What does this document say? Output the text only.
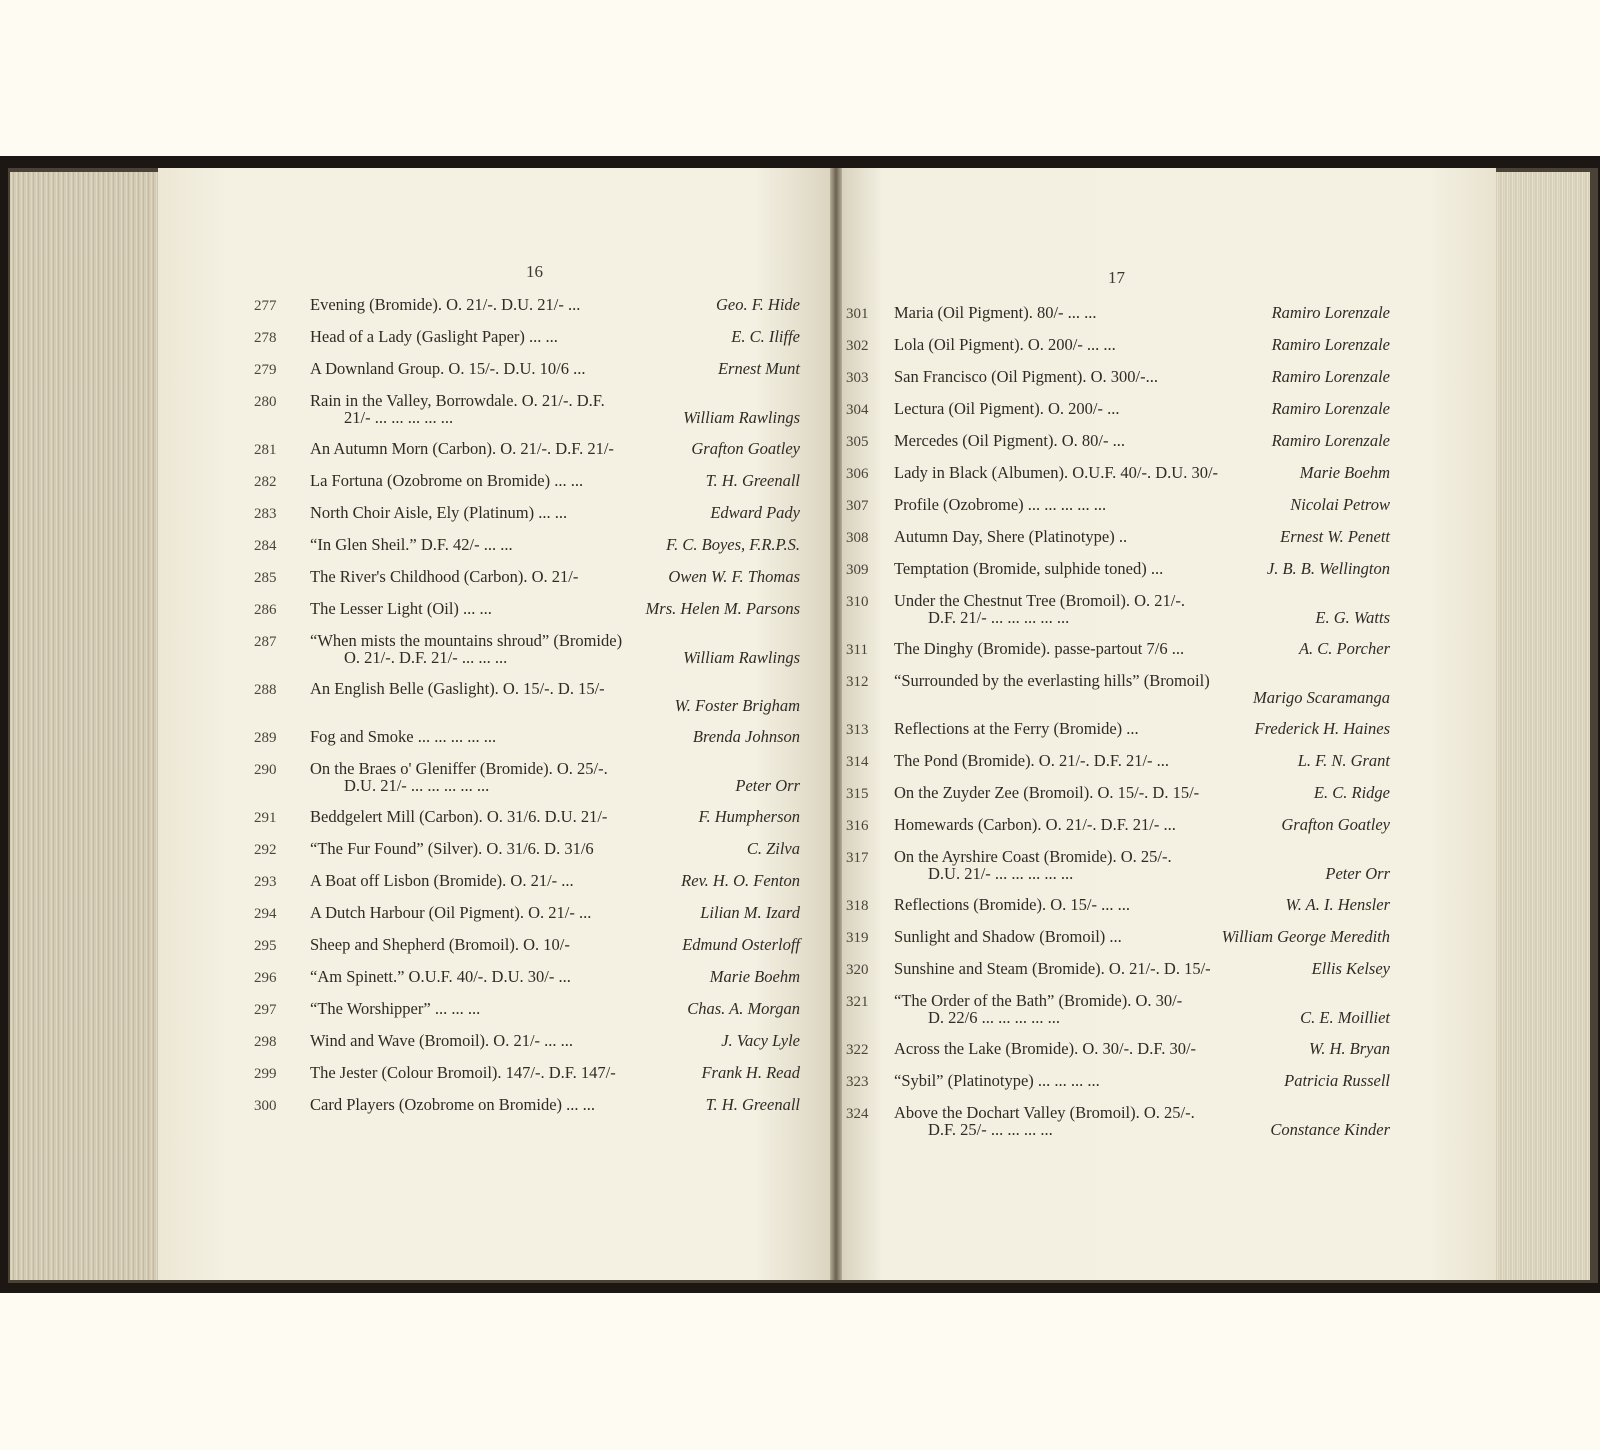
16
277 Evening (Bromide). O. 21/-. D.U. 21/- ...	Geo. F. Hide
278 Head of a Lady (Gaslight Paper) ... ...	E. C. Iliffe
279 A Downland Group. O. 15/-. D.U. 10/6 ...	Ernest Munt
280 Rain in the Valley, Borrowdale. O. 21/-. D.F.
21/- ... ... ... ... ...	William Rawlings
281 An Autumn Morn (Carbon). O. 21/-. D.F. 21/-	Grafton Goatley
282 La Fortuna (Ozobrome on Bromide) ... ...	T. H. Greenall
283 North Choir Aisle, Ely (Platinum) ... ...	Edward Pady
284 “In Glen Sheil.” D.F. 42/- ... ...	F. C. Boyes, F.R.P.S.
285 The River's Childhood (Carbon). O. 21/-	Owen W. F. Thomas
286 The Lesser Light (Oil) ... ...	Mrs. Helen M. Parsons
287 “When mists the mountains shroud” (Bromide)
O. 21/-. D.F. 21/- ... ... ...	William Rawlings
288 An English Belle (Gaslight). O. 15/-. D. 15/-
W. Foster Brigham
289 Fog and Smoke ... ... ... ... ...	Brenda Johnson
290 On the Braes o' Gleniffer (Bromide). O. 25/-.
D.U. 21/- ... ... ... ... ...	Peter Orr
291 Beddgelert Mill (Carbon). O. 31/6. D.U. 21/-	F. Humpherson
292 “The Fur Found” (Silver). O. 31/6. D. 31/6	C. Zilva
293 A Boat off Lisbon (Bromide). O. 21/- ...	Rev. H. O. Fenton
294 A Dutch Harbour (Oil Pigment). O. 21/- ...	Lilian M. Izard
295 Sheep and Shepherd (Bromoil). O. 10/-	Edmund Osterloff
296 “Am Spinett.” O.U.F. 40/-. D.U. 30/- ...	Marie Boehm
297 “The Worshipper” ... ... ...	Chas. A. Morgan
298 Wind and Wave (Bromoil). O. 21/- ... ...	J. Vacy Lyle
299 The Jester (Colour Bromoil). 147/-. D.F. 147/-	Frank H. Read
300 Card Players (Ozobrome on Bromide) ... ...	T. H. Greenall
17
301 Maria (Oil Pigment). 80/- ... ...	Ramiro Lorenzale
302 Lola (Oil Pigment). O. 200/- ... ...	Ramiro Lorenzale
303 San Francisco (Oil Pigment). O. 300/-...	Ramiro Lorenzale
304 Lectura (Oil Pigment). O. 200/- ...	Ramiro Lorenzale
305 Mercedes (Oil Pigment). O. 80/- ...	Ramiro Lorenzale
306 Lady in Black (Albumen). O.U.F. 40/-. D.U. 30/-	Marie Boehm
307 Profile (Ozobrome) ... ... ... ... ...	Nicolai Petrow
308 Autumn Day, Shere (Platinotype) ..	Ernest W. Penett
309 Temptation (Bromide, sulphide toned) ...	J. B. B. Wellington
310 Under the Chestnut Tree (Bromoil). O. 21/-.
D.F. 21/- ... ... ... ... ...	E. G. Watts
311 The Dinghy (Bromide). passe-partout 7/6 ...	A. C. Porcher
312 “Surrounded by the everlasting hills” (Bromoil)
Marigo Scaramanga
313 Reflections at the Ferry (Bromide) ...	Frederick H. Haines
314 The Pond (Bromide). O. 21/-. D.F. 21/- ...	L. F. N. Grant
315 On the Zuyder Zee (Bromoil). O. 15/-. D. 15/-	E. C. Ridge
316 Homewards (Carbon). O. 21/-. D.F. 21/- ...	Grafton Goatley
317 On the Ayrshire Coast (Bromide). O. 25/-.
D.U. 21/- ... ... ... ... ...	Peter Orr
318 Reflections (Bromide). O. 15/- ... ...	W. A. I. Hensler
319 Sunlight and Shadow (Bromoil) ...	William George Meredith
320 Sunshine and Steam (Bromide). O. 21/-. D. 15/-	Ellis Kelsey
321 “The Order of the Bath” (Bromide). O. 30/-
D. 22/6 ... ... ... ... ...	C. E. Moilliet
322 Across the Lake (Bromide). O. 30/-. D.F. 30/-	W. H. Bryan
323 “Sybil” (Platinotype) ... ... ... ...	Patricia Russell
324 Above the Dochart Valley (Bromoil). O. 25/-.
D.F. 25/- ... ... ... ...	Constance Kinder
